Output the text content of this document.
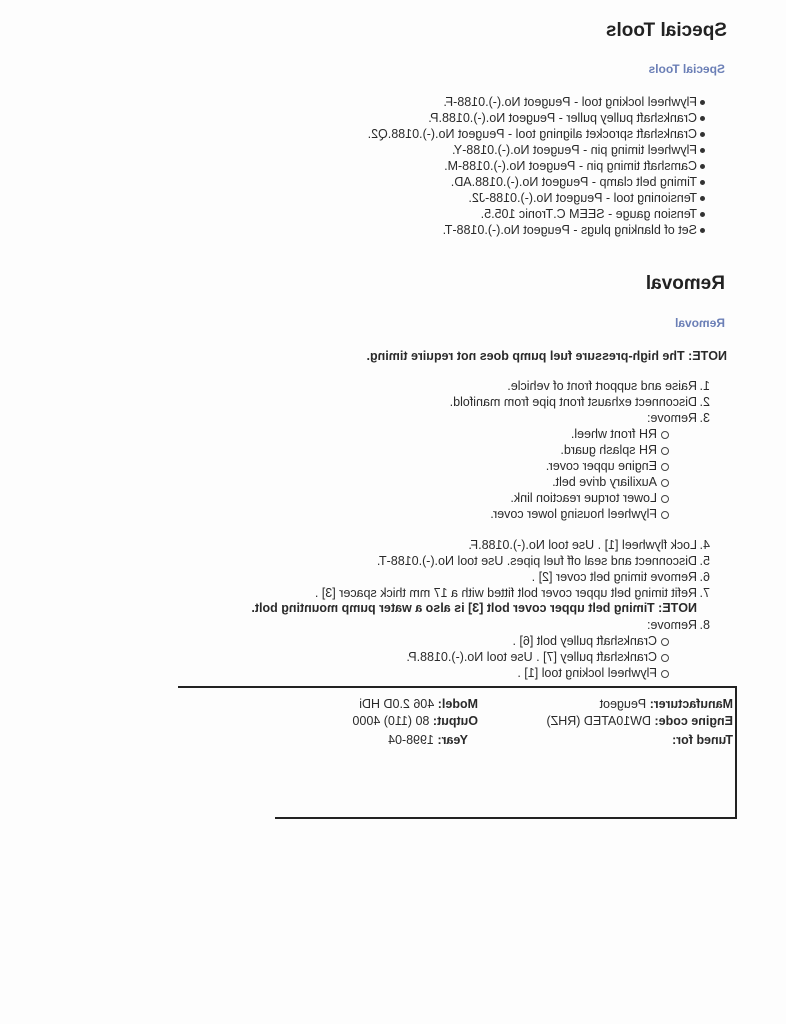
Special Tools
Special Tools
Removal
Removal
NOTE: The high-pressure fuel pump does not require timing.
NOTE: Timing belt upper cover bolt [3] is also a water pump mounting bolt.
Manufacturer: Peugeot
Engine code: DW10ATED (RHZ)
Tuned for:
Model: 406 2.0D HDi
Output: 80 (110) 4000
Year: 1998-04
Flywheel locking tool - Peugeot No.(-).0188-F.
Crankshaft pulley puller - Peugeot No.(-).0188.P.
Crankshaft sprocket aligning tool - Peugeot No.(-).0188.Q2.
Flywheel timing pin - Peugeot No.(-).0188-Y.
Camshaft timing pin - Peugeot No.(-).0188-M.
Timing belt clamp - Peugeot No.(-).0188.AD.
Tensioning tool - Peugeot No.(-).0188-J2.
Tension gauge - SEEM C.Tronic 105.5.
Set of blanking plugs - Peugeot No.(-).0188-T.
1.
Raise and support front of vehicle.
2.
Disconnect exhaust front pipe from manifold.
3.
Remove:
RH front wheel.
RH splash guard.
Engine upper cover.
Auxiliary drive belt.
Lower torque reaction link.
Flywheel housing lower cover.
4.
Lock flywheel [1] . Use tool No.(-).0188.F.
5.
Disconnect and seal off fuel pipes. Use tool No.(-).0188-T.
6.
Remove timing belt cover [2] .
7.
Refit timing belt upper cover bolt fitted with a 17 mm thick spacer [3] .
8.
Remove:
Crankshaft pulley bolt [6] .
Crankshaft pulley [7] . Use tool No.(-).0188.P.
Flywheel locking tool [1] .
